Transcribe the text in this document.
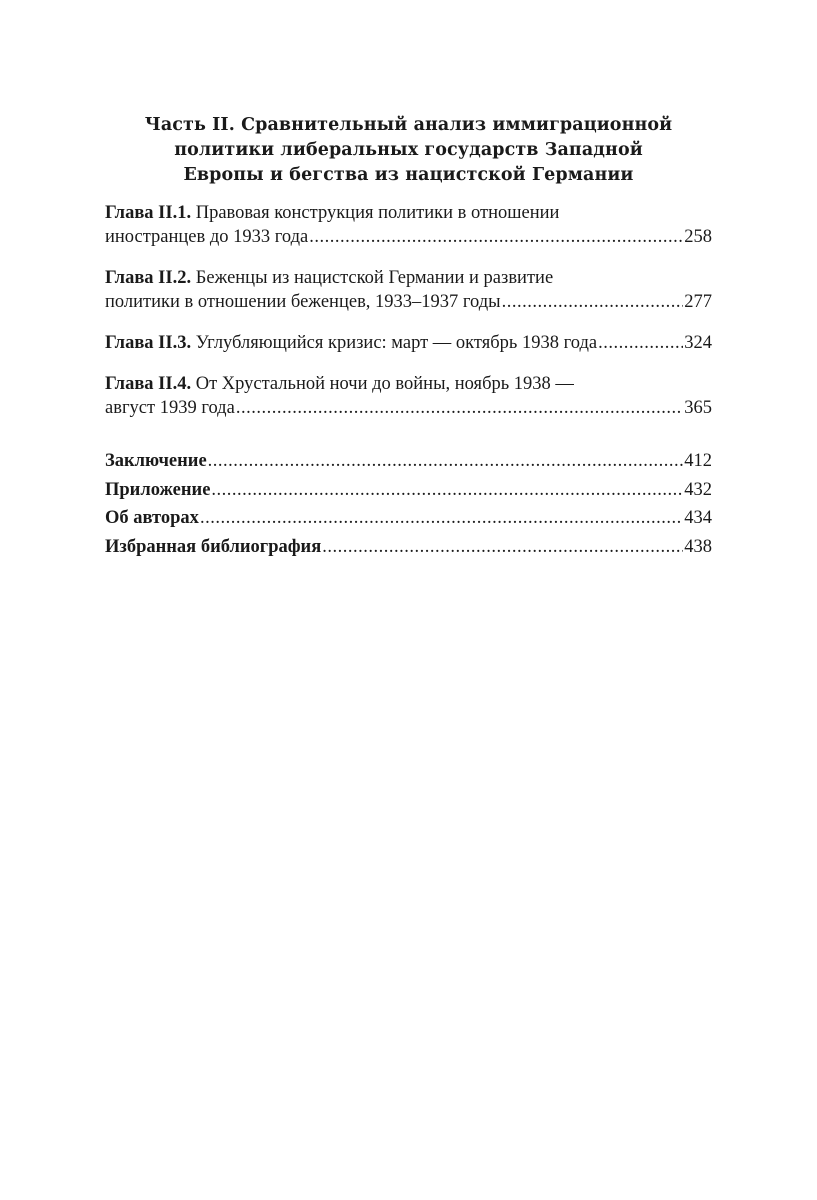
Часть II. Сравнительный анализ иммиграционной
политики либеральных государств Западной
Европы и бегства из нацистской Германии
Глава II.1.
Правовая конструкция политики в отношении
иностранцев до 1933 года .....	258
Глава II.2.
Беженцы из нацистской Германии и развитие
политики в отношении беженцев, 1933–1937 годы .....	277
Глава II.3.
Углубляющийся кризис: март — октябрь 1938 года .....	324
Глава II.4.
От Хрустальной ночи до войны, ноябрь 1938 —
август 1939 года .....	365
Заключение .....	412
Приложение .....	432
Об авторах .....	434
Избранная библиография .....	438
